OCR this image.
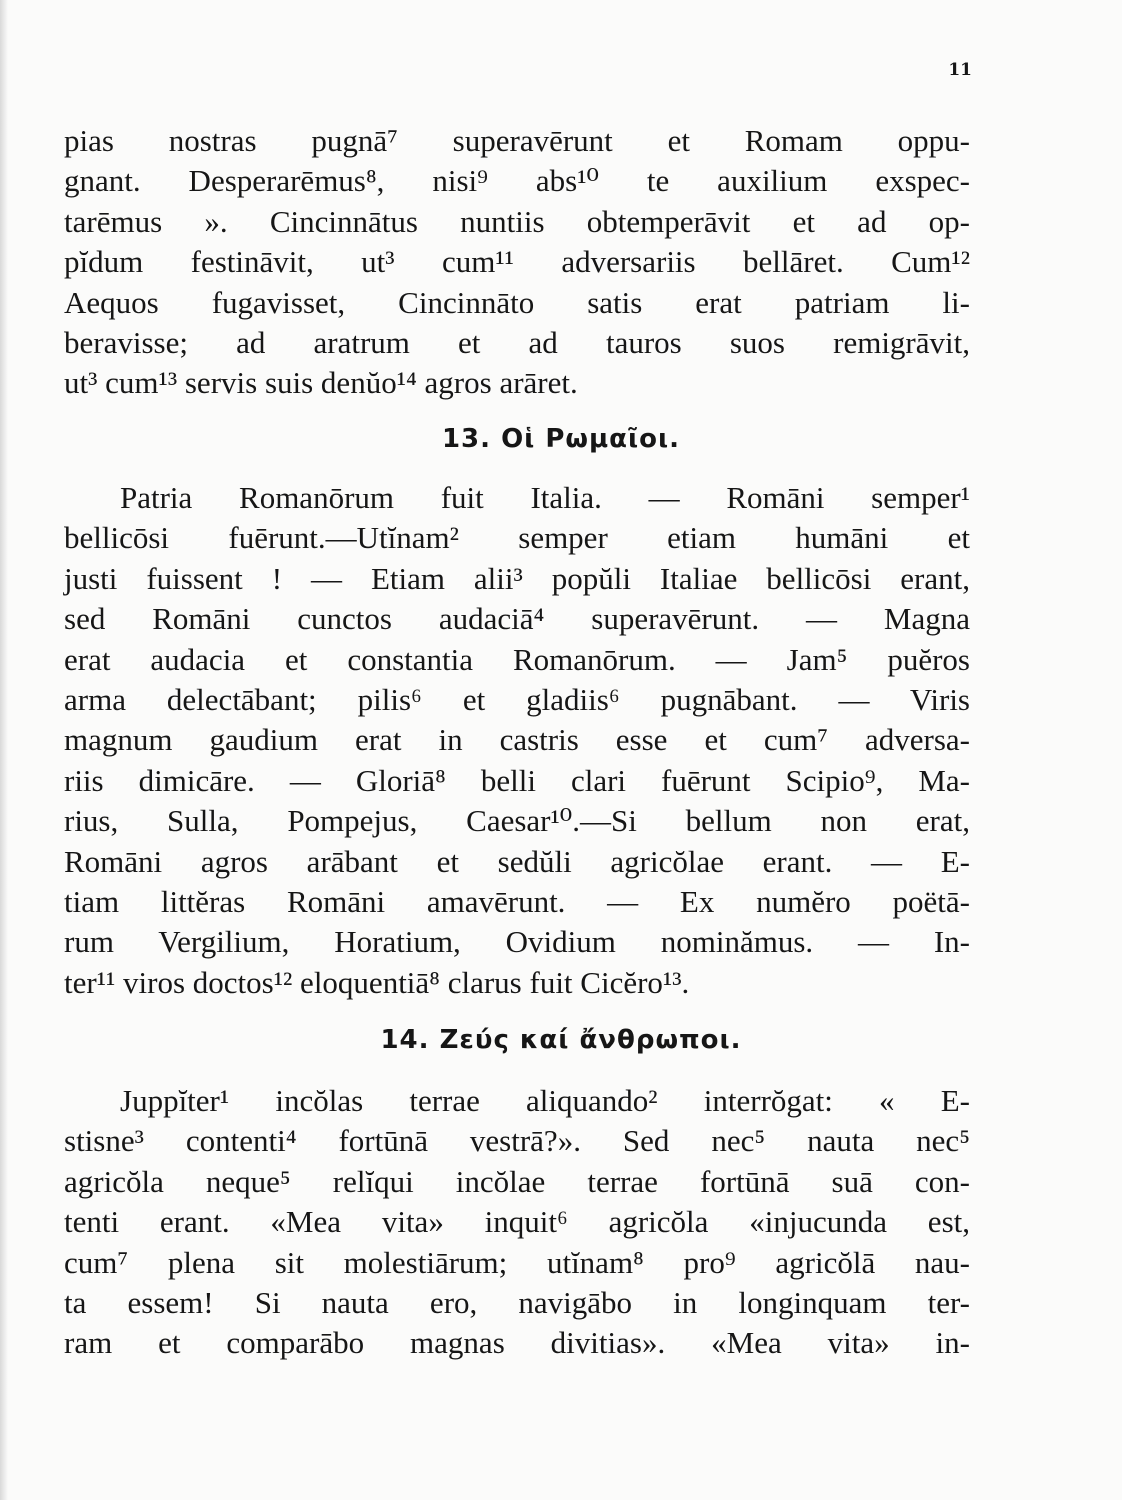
11
pias nostras pugnā⁷ superavērunt et Romam oppu-
gnant. Desperarēmus⁸, nisi⁹ abs¹⁰ te auxilium exspec-
tarēmus ». Cincinnātus nuntiis obtemperāvit et ad op-
pĭdum festināvit, ut³ cum¹¹ adversariis bellāret. Cum¹²
Aequos fugavisset, Cincinnāto satis erat patriam li-
beravisse; ad aratrum et ad tauros suos remigrāvit,
ut³ cum¹³ servis suis denŭo¹⁴ agros arāret.
13. Οἱ Ρωμαῖοι.
Patria Romanōrum fuit Italia. — Romāni semper¹
bellicōsi fuērunt.—Utĭnam² semper etiam humāni et
justi fuissent ! — Etiam alii³ popŭli Italiae bellicōsi erant,
sed Romāni cunctos audaciā⁴ superavērunt. — Magna
erat audacia et constantia Romanōrum. — Jam⁵ puĕros
arma delectābant; pilis⁶ et gladiis⁶ pugnābant. — Viris
magnum gaudium erat in castris esse et cum⁷ adversa-
riis dimicāre. — Gloriā⁸ belli clari fuērunt Scipio⁹, Ma-
rius, Sulla, Pompejus, Caesar¹⁰.—Si bellum non erat,
Romāni agros arābant et sedŭli agricŏlae erant. — E-
tiam littĕras Romāni amavērunt. — Ex numĕro poëtā-
rum Vergilium, Horatium, Ovidium nominămus. — In-
ter¹¹ viros doctos¹² eloquentiā⁸ clarus fuit Cicĕro¹³.
14. Ζεύς καί ἄνθρωποι.
Juppĭter¹ incŏlas terrae aliquando² interrŏgat: « E-
stisne³ contenti⁴ fortūnā vestrā?». Sed nec⁵ nauta nec⁵
agricŏla neque⁵ relĭqui incŏlae terrae fortūnā suā con-
tenti erant. «Mea vita» inquit⁶ agricŏla «injucunda est,
cum⁷ plena sit molestiārum; utĭnam⁸ pro⁹ agricŏlā nau-
ta essem! Si nauta ero, navigābo in longinquam ter-
ram et comparābo magnas divitias». «Mea vita» in-
